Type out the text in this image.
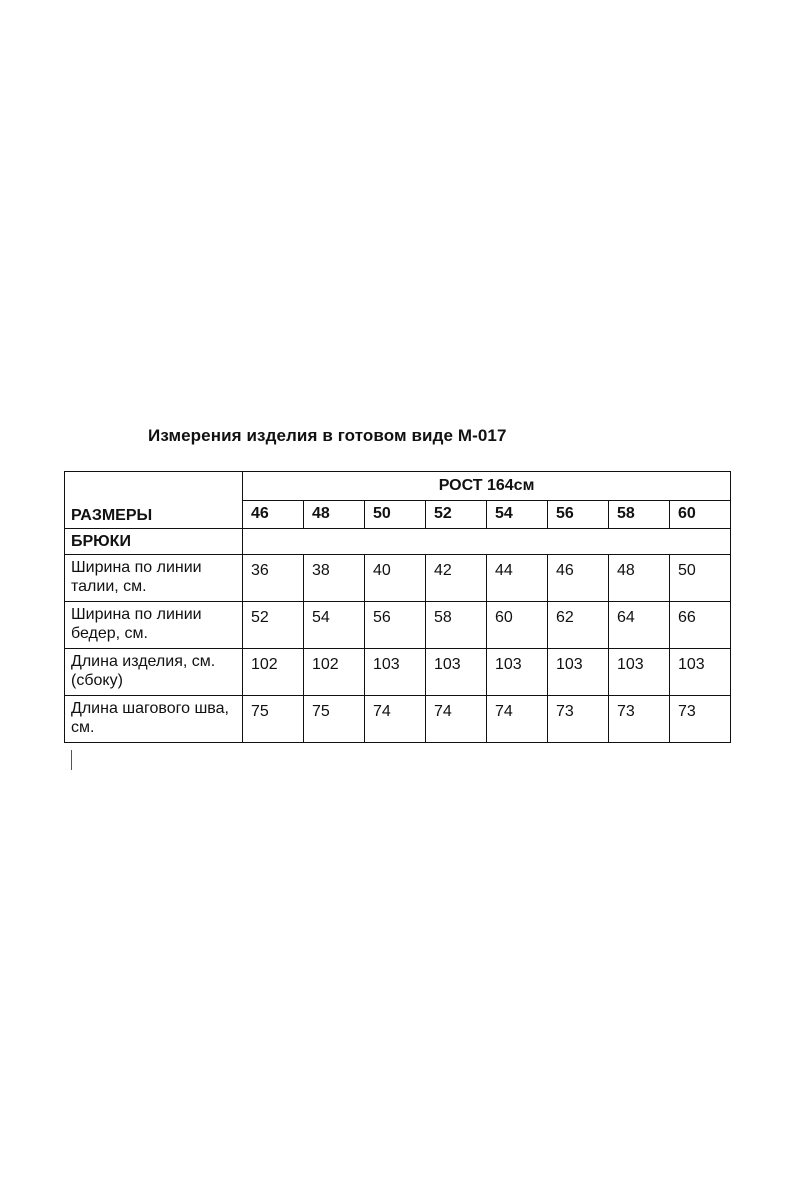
Измерения изделия в готовом виде М-017
РАЗМЕРЫ	РОСТ 164см							
	46	48	50	52	54	56	58	60
БРЮКИ								
Ширина по линии талии, см.	36	38	40	42	44	46	48	50
Ширина по линии бедер, см.	52	54	56	58	60	62	64	66
Длина изделия, см.(сбоку)	102	102	103	103	103	103	103	103
Длина шагового шва, см.	75	75	74	74	74	73	73	73
